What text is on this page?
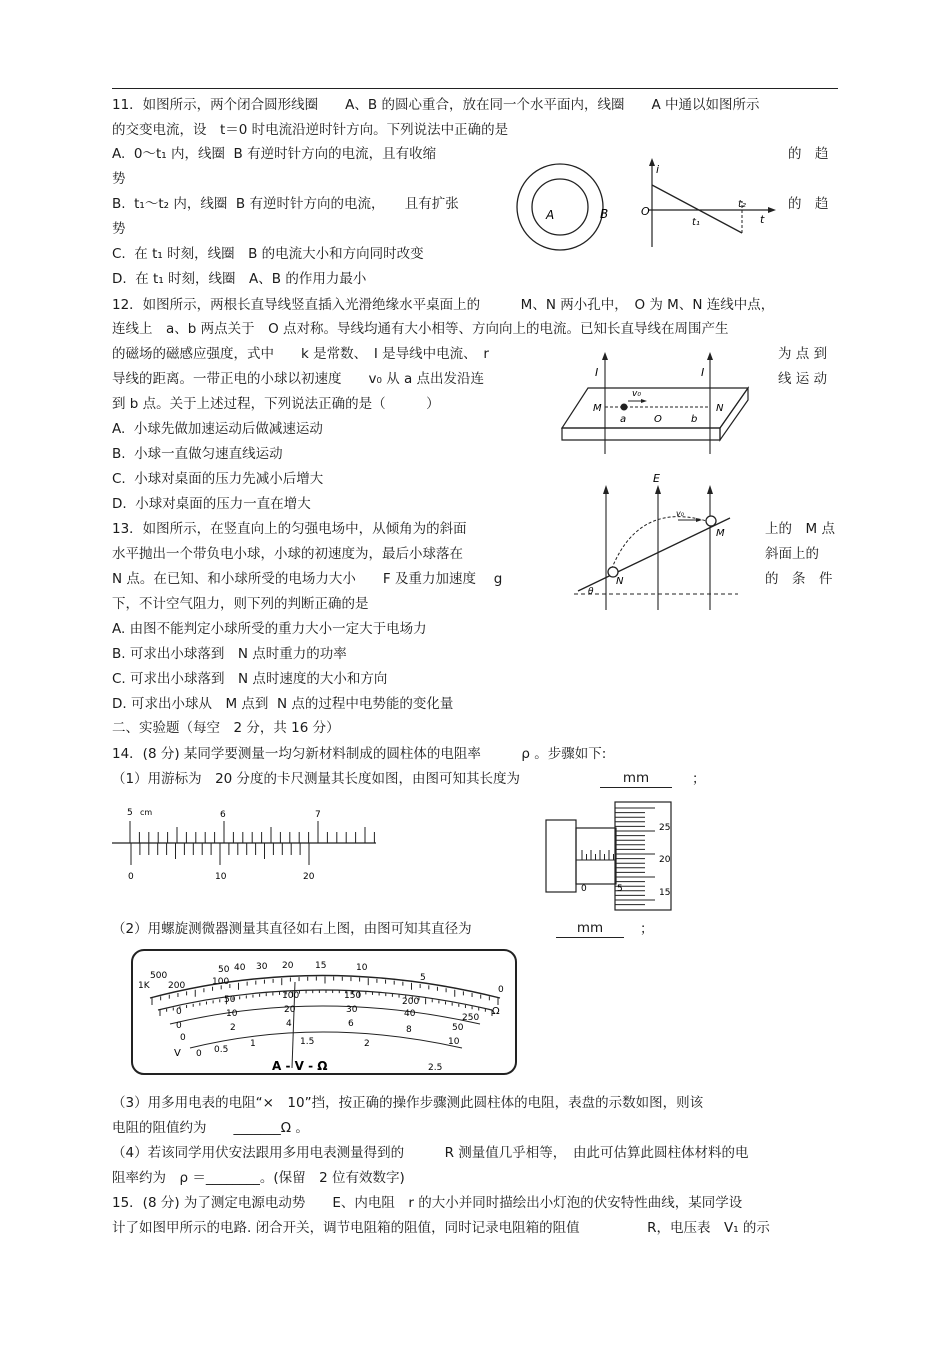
11．如图所示，两个闭合圆形线圈　　A、B 的圆心重合，放在同一个水平面内，线圈　　A 中通以如图所示
的交变电流，设　t＝0 时电流沿逆时针方向。下列说法中正确的是
A.  0～t₁ 内，线圈  B 有逆时针方向的电流，且有收缩	的　趋
势
B.  t₁～t₂ 内，线圈  B 有逆时针方向的电流，　　且有扩张	的　趋
势
C.  在 t₁ 时刻，线圈　B 的电流大小和方向同时改变
D.  在 t₁ 时刻，线圈　A、B 的作用力最小
A	B
i
O
t
t₁
t₂
12．如图所示，两根长直导线竖直插入光滑绝缘水平桌面上的　　　M、N 两小孔中，　O 为 M、N 连线中点，
连线上　a、b 两点关于　O 点对称。导线均通有大小相等、方向向上的电流。已知长直导线在周围产生
的磁场的磁感应强度，式中　　k 是常数、　I 是导线中电流、　r	为 点 到
导线的距离。一带正电的小球以初速度　　v₀ 从 a 点出发沿连	线 运 动
到 b 点。关于上述过程，下列说法正确的是（　　　）
A.  小球先做加速运动后做减速运动
B.  小球一直做匀速直线运动
C.  小球对桌面的压力先减小后增大
D.  小球对桌面的压力一直在增大
I	I
M	N
a	O	b
v₀
13．如图所示，在竖直向上的匀强电场中，从倾角为的斜面	上的　M 点
水平抛出一个带负电小球，小球的初速度为，最后小球落在	斜面上的
N 点。在已知、和小球所受的电场力大小　　F 及重力加速度　 g	的　条　件
下，不计空气阻力，则下列的判断正确的是
A. 由图不能判定小球所受的重力大小一定大于电场力
B. 可求出小球落到　N 点时重力的功率
C. 可求出小球落到　N 点时速度的大小和方向
D. 可求出小球从　M 点到  N 点的过程中电势能的变化量
E
v₀
M
N
θ
二、实验题（每空　2 分，共 16 分）
14．(8 分) 某同学要测量一均匀新材料制成的圆柱体的电阻率　　　ρ 。步骤如下:
（1）用游标为　20 分度的卡尺测量其长度如图，由图可知其长度为	mm	；
5 cm	6	7
0	10	20
0	5
25
20
15
（2）用螺旋测微器测量其直径如右上图，由图可知其直径为	mm	；
500
200	100
50 40 30 20 15	10
5
0
1K
Ω
0
50	100	150
200
250
0
10	20	30	40
50
0
2	4	6
8
10
0 0.5
1	1.5	2
2.5
V
A - V - Ω
（3）用多用电表的电阻“×　10”挡，按正确的操作步骤测此圆柱体的电阻，表盘的示数如图，则该
电阻的阻值约为　　_______Ω 。
（4）若该同学用伏安法跟用多用电表测量得到的　　　R 测量值几乎相等，　由此可估算此圆柱体材料的电
阻率约为　ρ ＝________。(保留　2 位有效数字)
15．(8 分) 为了测定电源电动势　　E、内电阻　r 的大小并同时描绘出小灯泡的伏安特性曲线，某同学设
计了如图甲所示的电路. 闭合开关，调节电阻箱的阻值，同时记录电阻箱的阻值　　　　　R，电压表　V₁ 的示
